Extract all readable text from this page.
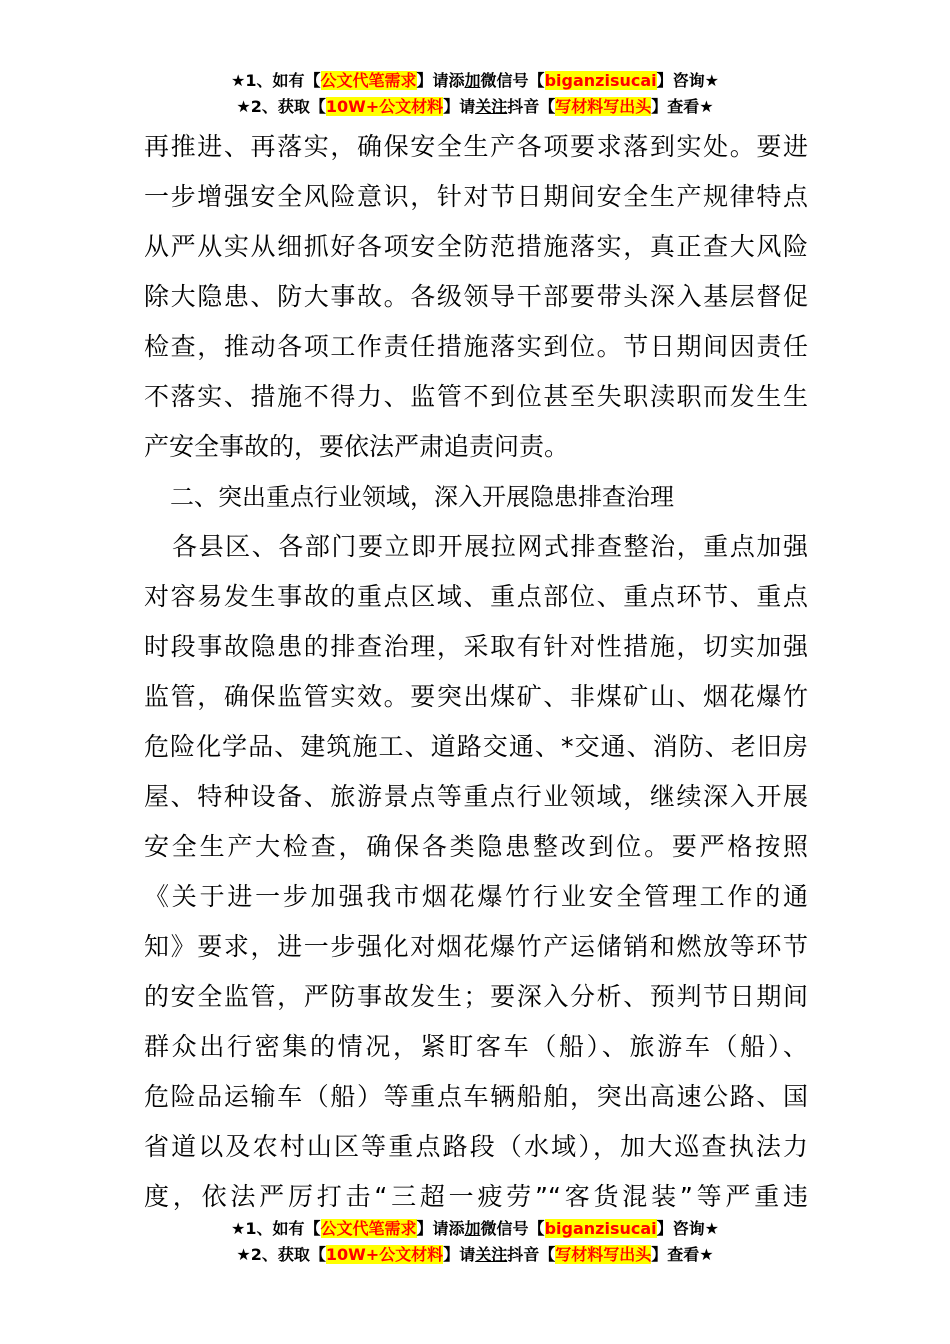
★1、如有【公文代笔需求】请添加微信号【biganzisucai】咨询★
★2、获取【10W+公文材料】请关注抖音【写材料写出头】查看★

再推进、再落实，确保安全生产各项要求落到实处。要进
一步增强安全风险意识，针对节日期间安全生产规律特点
从严从实从细抓好各项安全防范措施落实，真正查大风险
除大隐患、防大事故。各级领导干部要带头深入基层督促
检查，推动各项工作责任措施落实到位。节日期间因责任
不落实、措施不得力、监管不到位甚至失职渎职而发生生
产安全事故的，要依法严肃追责问责。

二、突出重点行业领域，深入开展隐患排查治理

各县区、各部门要立即开展拉网式排查整治，重点加强
对容易发生事故的重点区域、重点部位、重点环节、重点
时段事故隐患的排查治理，采取有针对性措施，切实加强
监管，确保监管实效。要突出煤矿、非煤矿山、烟花爆竹
危险化学品、建筑施工、道路交通、*交通、消防、老旧房
屋、特种设备、旅游景点等重点行业领域，继续深入开展
安全生产大检查，确保各类隐患整改到位。要严格按照
《关于进一步加强我市烟花爆竹行业安全管理工作的通
知》要求，进一步强化对烟花爆竹产运储销和燃放等环节
的安全监管，严防事故发生；要深入分析、预判节日期间
群众出行密集的情况，紧盯客车（船）、旅游车（船）、
危险品运输车（船）等重点车辆船舶，突出高速公路、国
省道以及农村山区等重点路段（水域），加大巡查执法力
度，依法严厉打击“三超一疲劳”“客货混装”等严重违

★1、如有【公文代笔需求】请添加微信号【biganzisucai】咨询★
★2、获取【10W+公文材料】请关注抖音【写材料写出头】查看★
